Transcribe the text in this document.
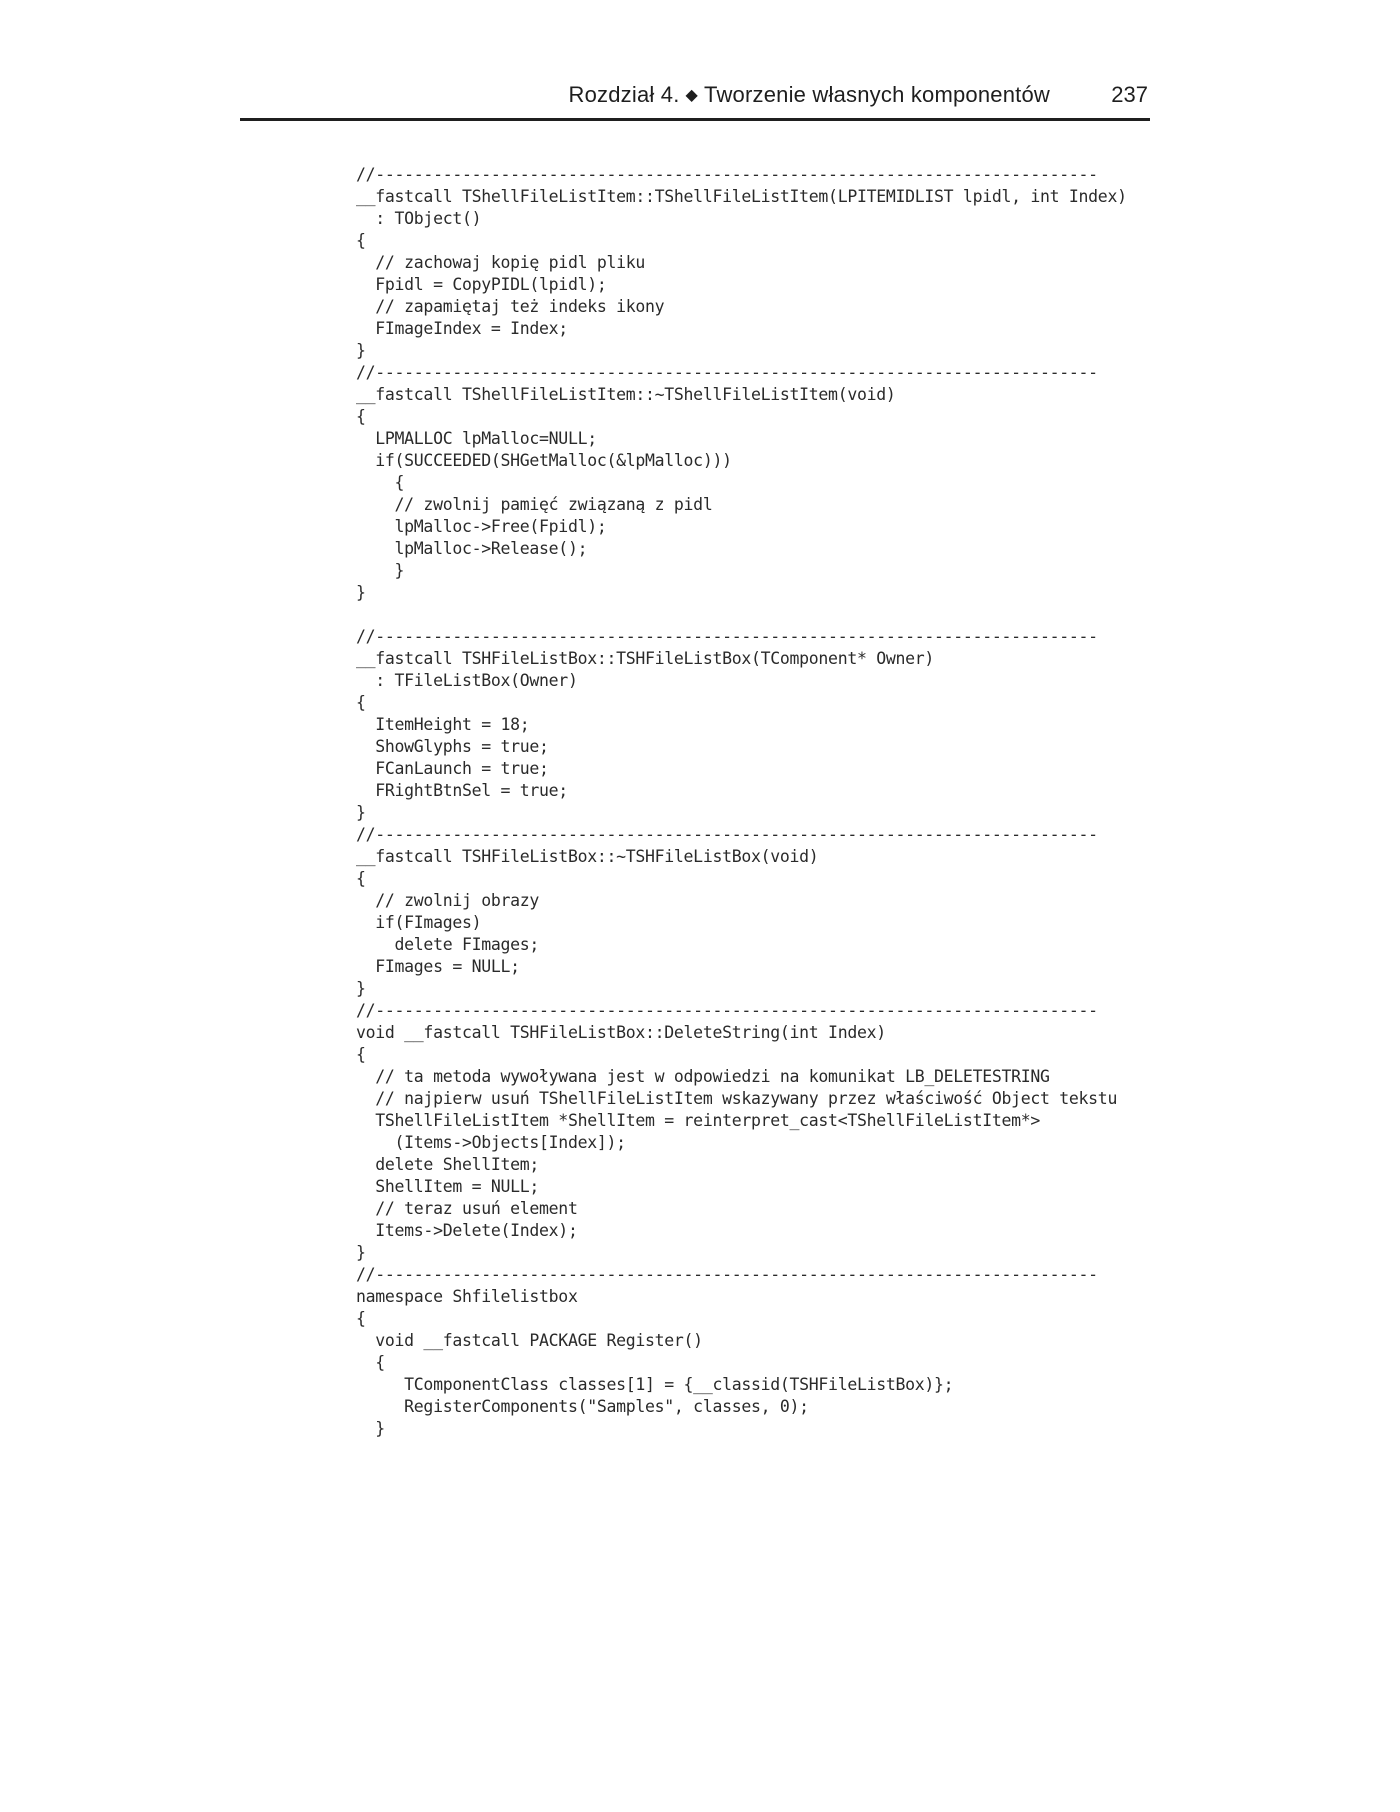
Rozdział 4. ◆ Tworzenie własnych komponentów	237
//---------------------------------------------------------------------------
__fastcall TShellFileListItem::TShellFileListItem(LPITEMIDLIST lpidl, int Index)
: TObject()
{
// zachowaj kopię pidl pliku
Fpidl = CopyPIDL(lpidl);
// zapamiętaj też indeks ikony
FImageIndex = Index;
}
//---------------------------------------------------------------------------
__fastcall TShellFileListItem::~TShellFileListItem(void)
{
LPMALLOC lpMalloc=NULL;
if(SUCCEEDED(SHGetMalloc(&lpMalloc)))
{
// zwolnij pamięć związaną z pidl
lpMalloc->Free(Fpidl);
lpMalloc->Release();
}
}
//---------------------------------------------------------------------------
__fastcall TSHFileListBox::TSHFileListBox(TComponent* Owner)
: TFileListBox(Owner)
{
ItemHeight = 18;
ShowGlyphs = true;
FCanLaunch = true;
FRightBtnSel = true;
}
//---------------------------------------------------------------------------
__fastcall TSHFileListBox::~TSHFileListBox(void)
{
// zwolnij obrazy
if(FImages)
delete FImages;
FImages = NULL;
}
//---------------------------------------------------------------------------
void __fastcall TSHFileListBox::DeleteString(int Index)
{
// ta metoda wywoływana jest w odpowiedzi na komunikat LB_DELETESTRING
// najpierw usuń TShellFileListItem wskazywany przez właściwość Object tekstu
TShellFileListItem *ShellItem = reinterpret_cast<TShellFileListItem*>
(Items->Objects[Index]);
delete ShellItem;
ShellItem = NULL;
// teraz usuń element
Items->Delete(Index);
}
//---------------------------------------------------------------------------
namespace Shfilelistbox
{
void __fastcall PACKAGE Register()
{
TComponentClass classes[1] = {__classid(TSHFileListBox)};
RegisterComponents("Samples", classes, 0);
}
